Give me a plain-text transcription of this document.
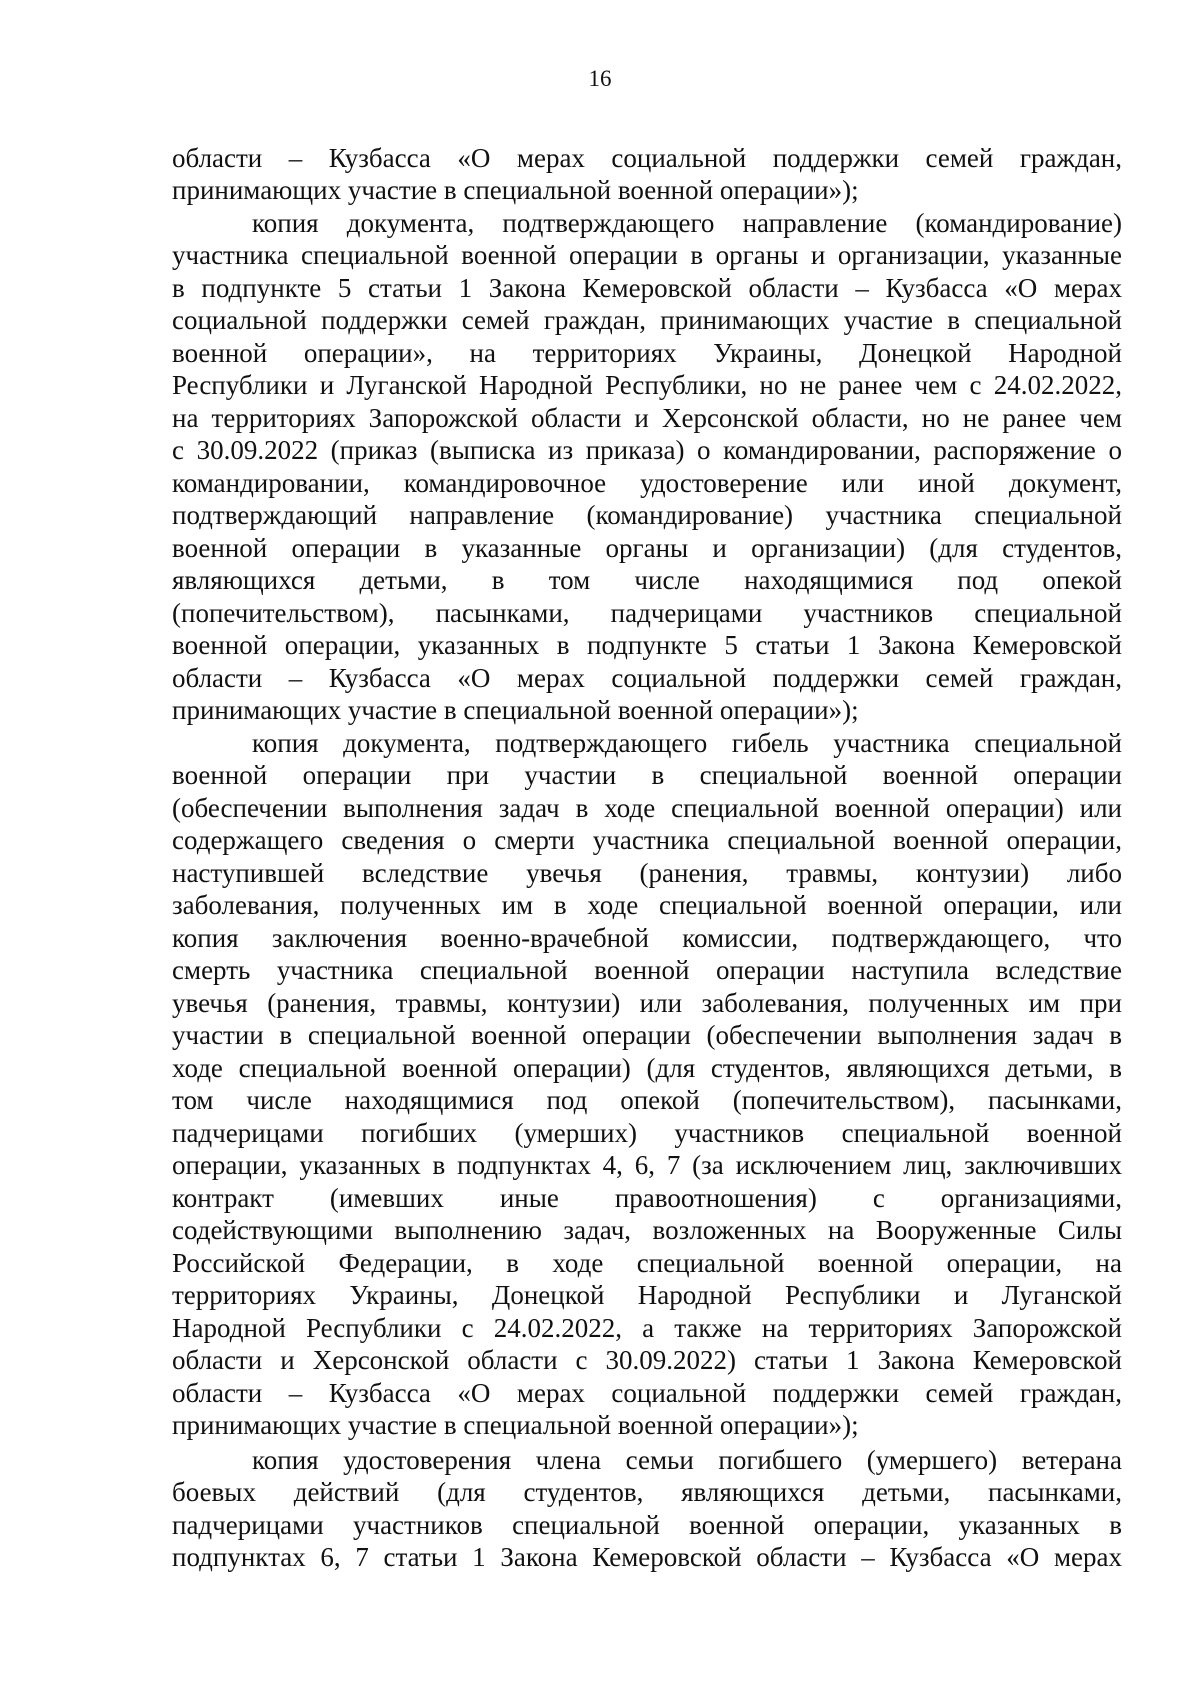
16
области – Кузбасса «О мерах социальной поддержки семей граждан,
принимающих участие в специальной военной операции»);
копия документа, подтверждающего направление (командирование)
участника специальной военной операции в органы и организации, указанные
в подпункте 5 статьи 1 Закона Кемеровской области – Кузбасса «О мерах
социальной поддержки семей граждан, принимающих участие в специальной
военной операции», на территориях Украины, Донецкой Народной
Республики и Луганской Народной Республики, но не ранее чем с 24.02.2022,
на территориях Запорожской области и Херсонской области, но не ранее чем
с 30.09.2022 (приказ (выписка из приказа) о командировании, распоряжение о
командировании, командировочное удостоверение или иной документ,
подтверждающий направление (командирование) участника специальной
военной операции в указанные органы и организации) (для студентов,
являющихся детьми, в том числе находящимися под опекой
(попечительством), пасынками, падчерицами участников специальной
военной операции, указанных в подпункте 5 статьи 1 Закона Кемеровской
области – Кузбасса «О мерах социальной поддержки семей граждан,
принимающих участие в специальной военной операции»);
копия документа, подтверждающего гибель участника специальной
военной операции при участии в специальной военной операции
(обеспечении выполнения задач в ходе специальной военной операции) или
содержащего сведения о смерти участника специальной военной операции,
наступившей вследствие увечья (ранения, травмы, контузии) либо
заболевания, полученных им в ходе специальной военной операции, или
копия заключения военно-врачебной комиссии, подтверждающего, что
смерть участника специальной военной операции наступила вследствие
увечья (ранения, травмы, контузии) или заболевания, полученных им при
участии в специальной военной операции (обеспечении выполнения задач в
ходе специальной военной операции) (для студентов, являющихся детьми, в
том числе находящимися под опекой (попечительством), пасынками,
падчерицами погибших (умерших) участников специальной военной
операции, указанных в подпунктах 4, 6, 7 (за исключением лиц, заключивших
контракт (имевших иные правоотношения) с организациями,
содействующими выполнению задач, возложенных на Вооруженные Силы
Российской Федерации, в ходе специальной военной операции, на
территориях Украины, Донецкой Народной Республики и Луганской
Народной Республики с 24.02.2022, а также на территориях Запорожской
области и Херсонской области с 30.09.2022) статьи 1 Закона Кемеровской
области – Кузбасса «О мерах социальной поддержки семей граждан,
принимающих участие в специальной военной операции»);
копия удостоверения члена семьи погибшего (умершего) ветерана
боевых действий (для студентов, являющихся детьми, пасынками,
падчерицами участников специальной военной операции, указанных в
подпунктах 6, 7 статьи 1 Закона Кемеровской области – Кузбасса «О мерах
